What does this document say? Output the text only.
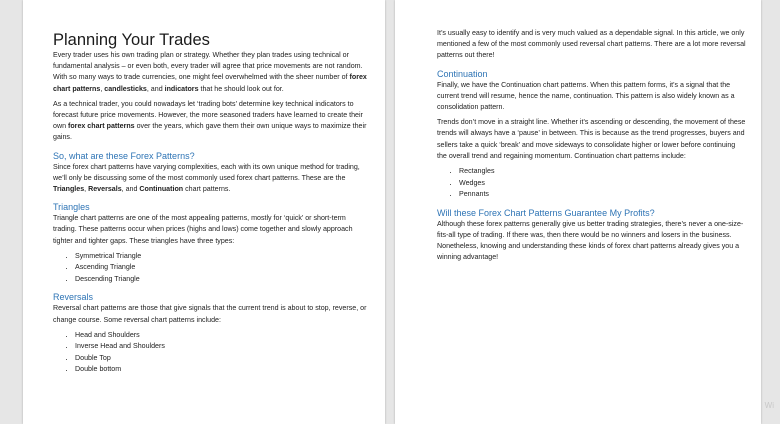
Planning Your Trades

Every trader uses his own trading plan or strategy. Whether they plan trades using technical or fundamental analysis – or even both, every trader will agree that price movements are not random. With so many ways to trade currencies, one might feel overwhelmed with the sheer number of forex chart patterns, candlesticks, and indicators that he should look out for.

As a technical trader, you could nowadays let ‘trading bots’ determine key technical indicators to forecast future price movements. However, the more seasoned traders have learned to create their own forex chart patterns over the years, which gave them their own unique ways to maximize their gains.

So, what are these Forex Patterns?

Since forex chart patterns have varying complexities, each with its own unique method for trading, we’ll only be discussing some of the most commonly used forex chart patterns. These are the Triangles, Reversals, and Continuation chart patterns.

Triangles

Triangle chart patterns are one of the most appealing patterns, mostly for ‘quick’ or short-term trading. These patterns occur when prices (highs and lows) come together and slowly approach tighter and tighter gaps. These triangles have three types:

• Symmetrical Triangle
• Ascending Triangle
• Descending Triangle
Reversals

Reversal chart patterns are those that give signals that the current trend is about to stop, reverse, or change course. Some reversal chart patterns include:

• Head and Shoulders
• Inverse Head and Shoulders
• Double Top
• Double bottom

It’s usually easy to identify and is very much valued as a dependable signal. In this article, we only mentioned a few of the most commonly used reversal chart patterns. There are a lot more reversal patterns out there!

Continuation

Finally, we have the Continuation chart patterns. When this pattern forms, it’s a signal that the current trend will resume, hence the name, continuation. This pattern is also widely known as a consolidation pattern.

Trends don’t move in a straight line. Whether it’s ascending or descending, the movement of these trends will always have a ‘pause’ in between. This is because as the trend progresses, buyers and sellers take a quick ‘break’ and move sideways to consolidate higher or lower before continuing the overall trend and regaining momentum. Continuation chart patterns include:

• Rectangles
• Wedges
• Pennants
Will these Forex Chart Patterns Guarantee My Profits?

Although these forex patterns generally give us better trading strategies, there’s never a one-size-fits-all type of trading. If there was, then there would be no winners and losers in the business. Nonetheless, knowing and understanding these kinds of forex chart patterns already gives you a winning advantage!

Wi
